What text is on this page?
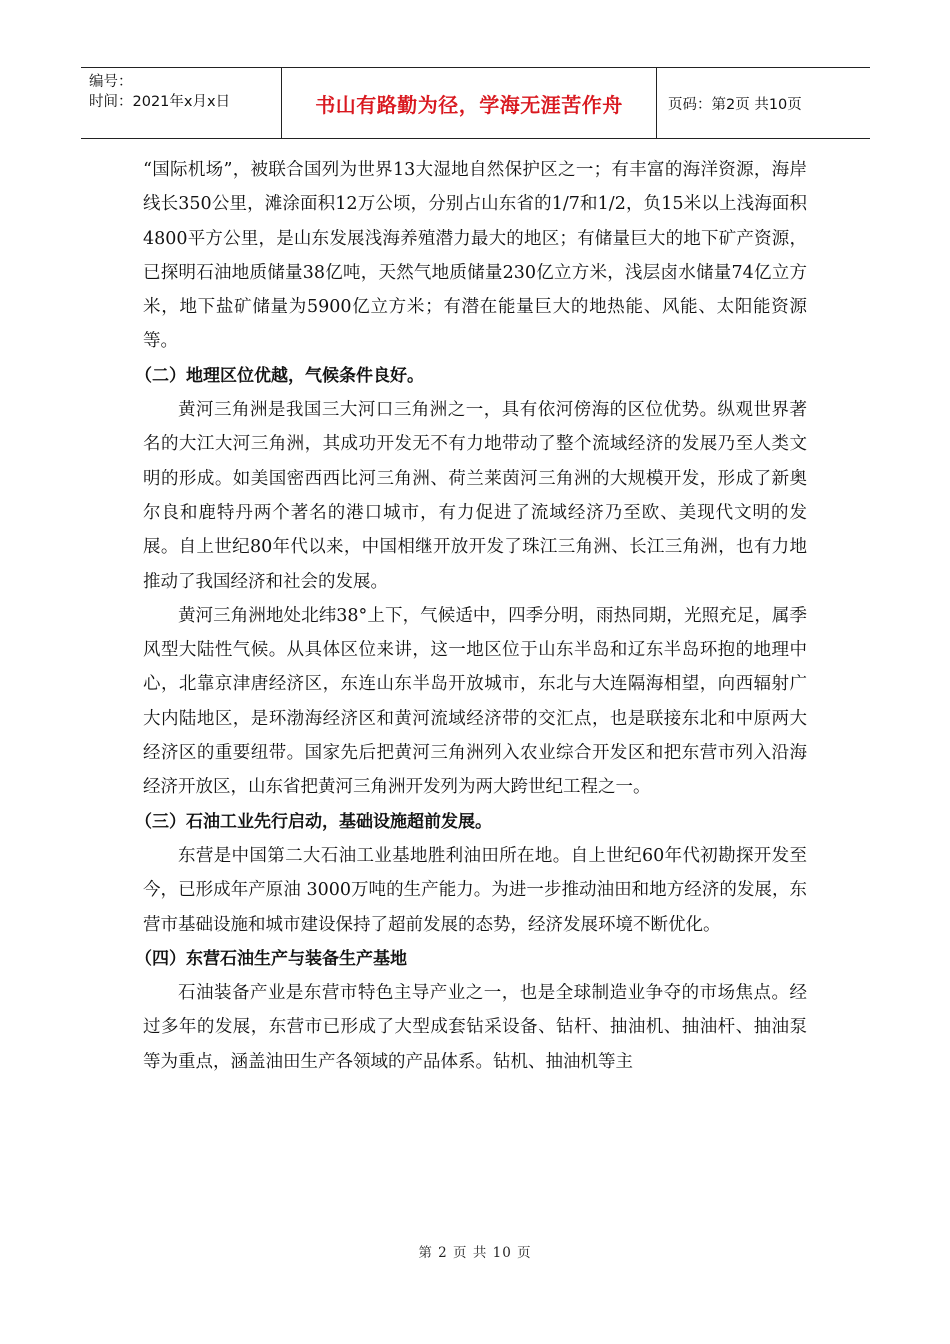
编号：
时间：2021年x月x日	书山有路勤为径，学海无涯苦作舟	页码：第2页 共10页

“国际机场”，被联合国列为世界13大湿地自然保护区之一；有丰富的海洋资源，海岸线长350公里，滩涂面积12万公顷，分别占山东省的1/7和1/2，负15米以上浅海面积4800平方公里，是山东发展浅海养殖潜力最大的地区；有储量巨大的地下矿产资源，已探明石油地质储量38亿吨，天然气地质储量230亿立方米，浅层卤水储量74亿立方米，地下盐矿储量为5900亿立方米；有潜在能量巨大的地热能、风能、太阳能资源等。

（二）地理区位优越，气候条件良好。

黄河三角洲是我国三大河口三角洲之一，具有依河傍海的区位优势。纵观世界著名的大江大河三角洲，其成功开发无不有力地带动了整个流域经济的发展乃至人类文明的形成。如美国密西西比河三角洲、荷兰莱茵河三角洲的大规模开发，形成了新奥尔良和鹿特丹两个著名的港口城市，有力促进了流域经济乃至欧、美现代文明的发展。自上世纪80年代以来，中国相继开放开发了珠江三角洲、长江三角洲，也有力地推动了我国经济和社会的发展。

黄河三角洲地处北纬38°上下，气候适中，四季分明，雨热同期，光照充足，属季风型大陆性气候。从具体区位来讲，这一地区位于山东半岛和辽东半岛环抱的地理中心，北靠京津唐经济区，东连山东半岛开放城市，东北与大连隔海相望，向西辐射广大内陆地区，是环渤海经济区和黄河流域经济带的交汇点，也是联接东北和中原两大经济区的重要纽带。国家先后把黄河三角洲列入农业综合开发区和把东营市列入沿海经济开放区，山东省把黄河三角洲开发列为两大跨世纪工程之一。

（三）石油工业先行启动，基础设施超前发展。

东营是中国第二大石油工业基地胜利油田所在地。自上世纪60年代初勘探开发至今，已形成年产原油 3000万吨的生产能力。为进一步推动油田和地方经济的发展，东营市基础设施和城市建设保持了超前发展的态势，经济发展环境不断优化。

（四）东营石油生产与装备生产基地

石油装备产业是东营市特色主导产业之一，也是全球制造业争夺的市场焦点。经过多年的发展，东营市已形成了大型成套钻采设备、钻杆、抽油机、抽油杆、抽油泵等为重点，涵盖油田生产各领域的产品体系。钻机、抽油机等主

第 2 页 共 10 页
